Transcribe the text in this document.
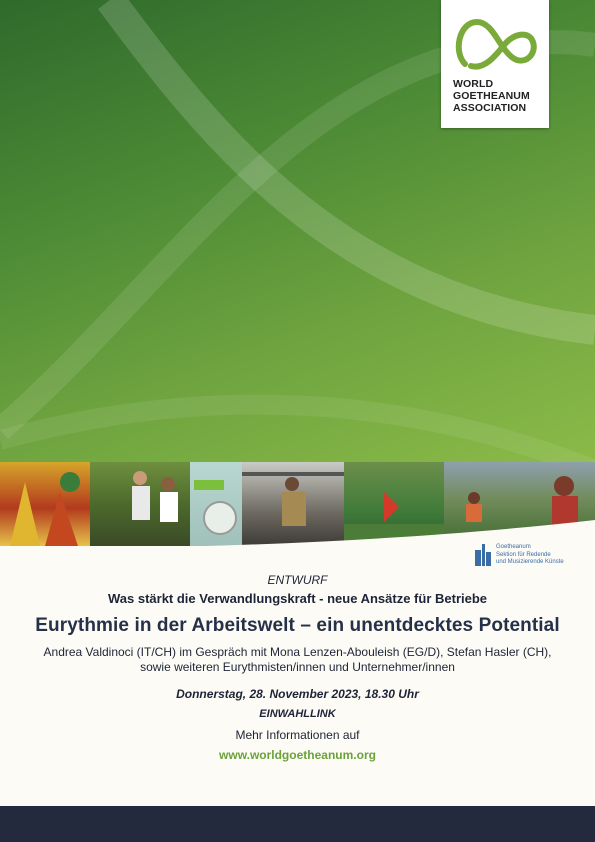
WORLD
GOETHEANUM
ASSOCIATION
Goetheanum
Sektion für Redende
und Musizierende Künste
ENTWURF
Was stärkt die Verwandlungskraft - neue Ansätze für Betriebe
Eurythmie in der Arbeitswelt – ein unentdecktes Potential
Andrea Valdinoci (IT/CH) im Gespräch mit Mona Lenzen-Abouleish (EG/D), Stefan Hasler (CH),
sowie weiteren Eurythmisten/innen und Unternehmer/innen
Donnerstag, 28. November 2023, 18.30 Uhr
EINWAHLLINK
Mehr Informationen auf
www.worldgoetheanum.org
